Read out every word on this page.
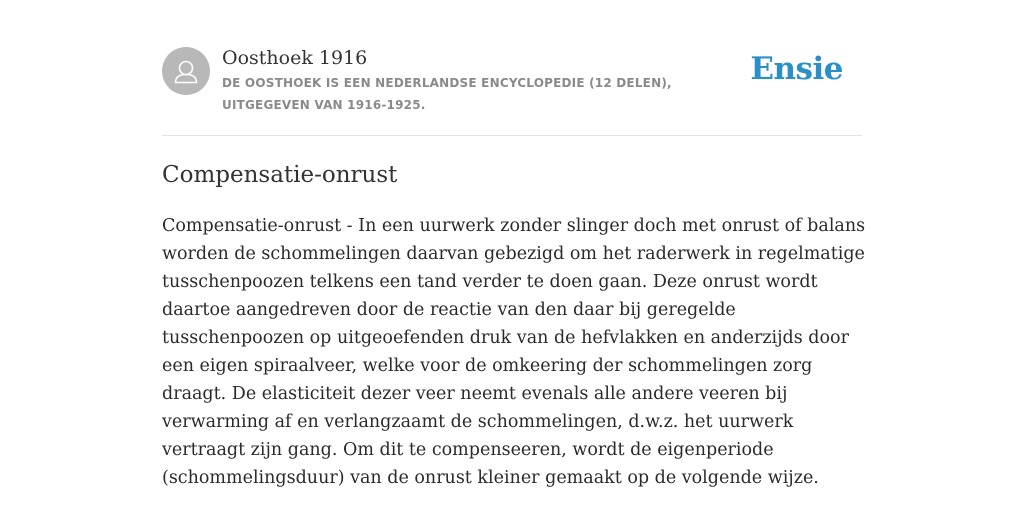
Oosthoek 1916
DE OOSTHOEK IS EEN NEDERLANDSE ENCYCLOPEDIE (12 DELEN), UITGEGEVEN VAN 1916-1925.
Ensie
Compensatie-onrust

Compensatie-onrust - In een uurwerk zonder slinger doch met onrust of balans worden de schommelingen daarvan gebezigd om het raderwerk in regelmatige tusschenpoozen telkens een tand verder te doen gaan. Deze onrust wordt daartoe aangedreven door de reactie van den daar bij geregelde tusschenpoozen op uitgeoefenden druk van de hefvlakken en anderzijds door een eigen spiraalveer, welke voor de omkeering der schommelingen zorg draagt. De elasticiteit dezer veer neemt evenals alle andere veeren bij verwarming af en verlangzaamt de schommelingen, d.w.z. het uurwerk vertraagt zijn gang. Om dit te compenseeren, wordt de eigenperiode (schommelingsduur) van de onrust kleiner gemaakt op de volgende wijze.
